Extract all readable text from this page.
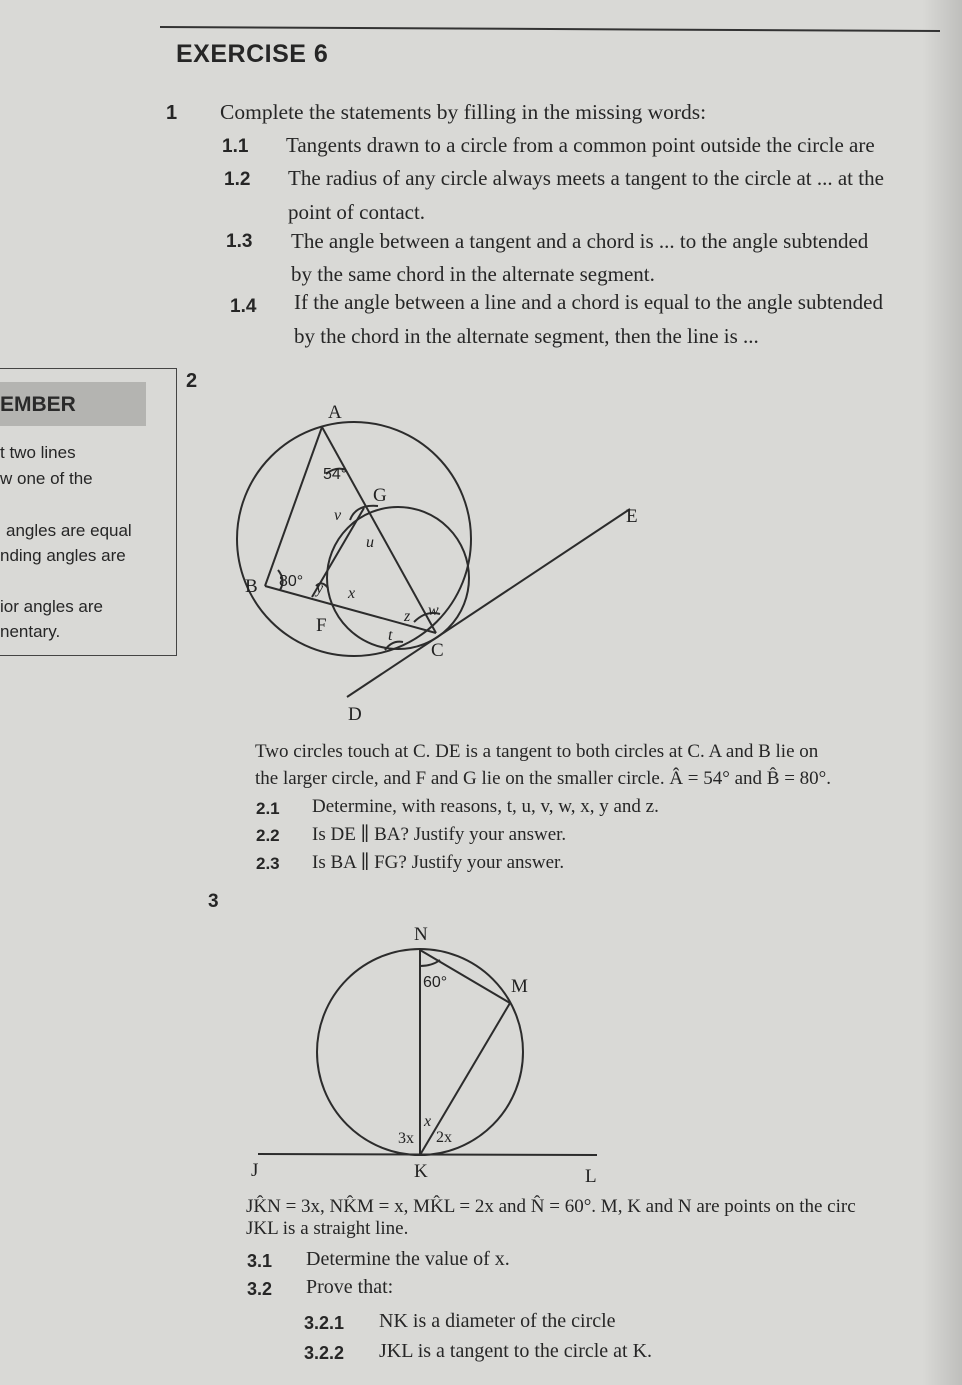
EXERCISE 6
1 Complete the statements by filling in the missing words:
1.1 Tangents drawn to a circle from a common point outside the circle are
1.2 The radius of any circle always meets a tangent to the circle at ... at the
point of contact.
1.3 The angle between a tangent and a chord is ... to the angle subtended
by the same chord in the alternate segment.
1.4 If the angle between a line and a chord is equal to the angle subtended
by the chord in the alternate segment, then the line is ...
EMBER
t two lines
w one of the
angles are equal
nding angles are
ior angles are
nentary.
2
A
B
C
D
E
F
G
54°
80°
t
u
v
w
x
y
z
N
M
J	K	L
60°
3x 2x
x
Two circles touch at C. DE is a tangent to both circles at C. A and B lie on
the larger circle, and F and G lie on the smaller circle. Â = 54° and B̂ = 80°.
2.1 Determine, with reasons, t, u, v, w, x, y and z.
2.2 Is DE ∥ BA? Justify your answer.
2.3 Is BA ∥ FG? Justify your answer.
3
JK̂N = 3x, NK̂M = x, MK̂L = 2x and N̂ = 60°. M, K and N are points on the circ
JKL is a straight line.
3.1 Determine the value of x.
3.2 Prove that:
3.2.1 NK is a diameter of the circle
3.2.2 JKL is a tangent to the circle at K.
